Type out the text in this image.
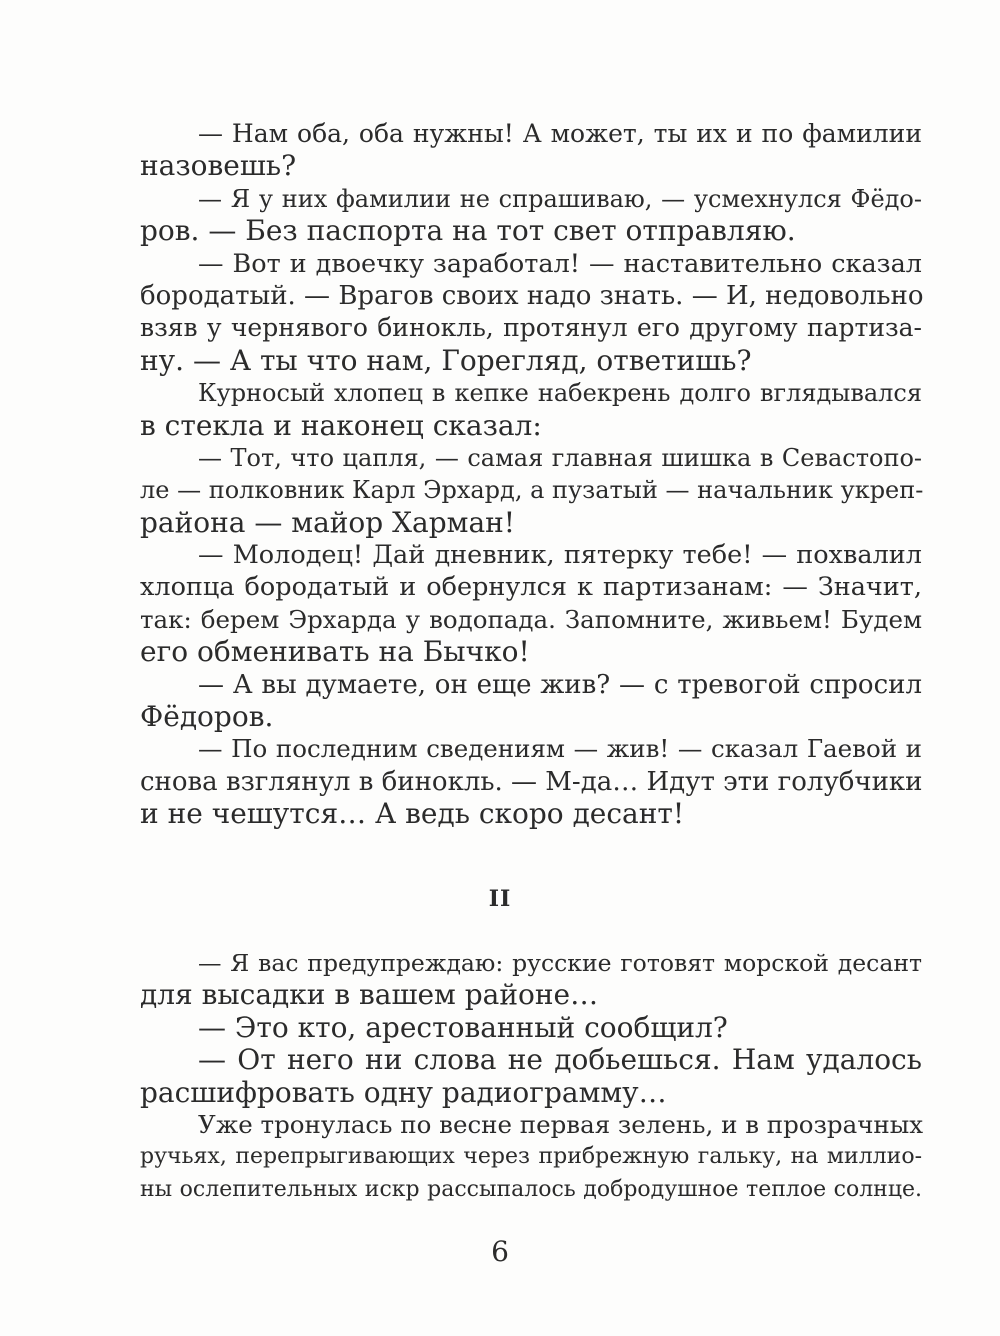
— Нам оба, оба нужны! А может, ты их и по фамилии
назовешь?
— Я у них фамилии не спрашиваю, — усмехнулся Фёдо-
ров. — Без паспорта на тот свет отправляю.
— Вот и двоечку заработал! — наставительно сказал
бородатый. — Врагов своих надо знать. — И, недовольно
взяв у чернявого бинокль, протянул его другому партиза-
ну. — А ты что нам, Горегляд, ответишь?
Курносый хлопец в кепке набекрень долго вглядывался
в стекла и наконец сказал:
— Тот, что цапля, — самая главная шишка в Севастопо-
ле — полковник Карл Эрхард, а пузатый — начальник укреп-
района — майор Харман!
— Молодец! Дай дневник, пятерку тебе! — похвалил
хлопца бородатый и обернулся к партизанам: — Значит,
так: берем Эрхарда у водопада. Запомните, живьем! Будем
его обменивать на Бычко!
— А вы думаете, он еще жив? — с тревогой спросил
Фёдоров.
— По последним сведениям — жив! — сказал Гаевой и
снова взглянул в бинокль. — М-да… Идут эти голубчики
и не чешутся… А ведь скоро десант!
II
— Я вас предупреждаю: русские готовят морской десант
для высадки в вашем районе…
— Это кто, арестованный сообщил?
— От него ни слова не добьешься. Нам удалось
расшифровать одну радиограмму…
Уже тронулась по весне первая зелень, и в прозрачных
ручьях, перепрыгивающих через прибрежную гальку, на миллио-
ны ослепительных искр рассыпалось добродушное теплое солнце.
6
